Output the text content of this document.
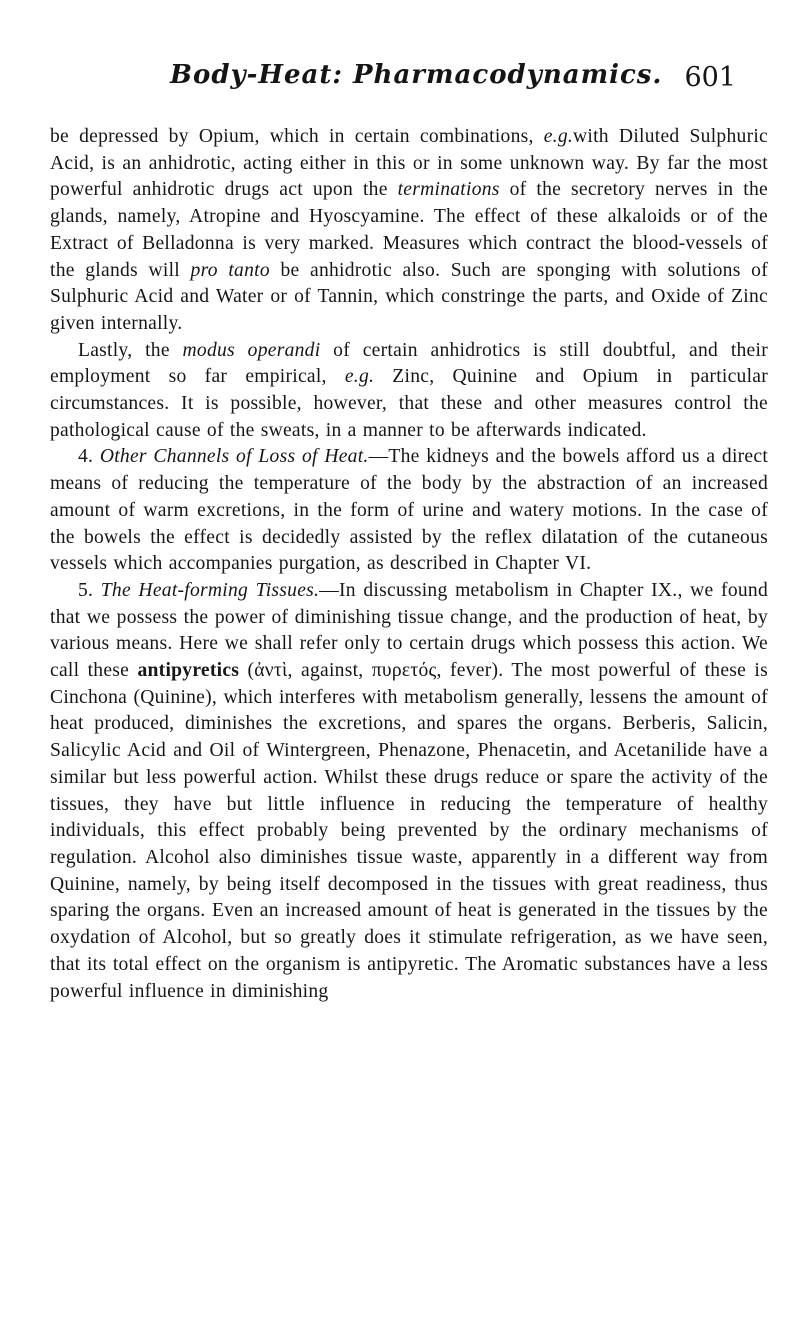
Body-Heat: Pharmacodynamics. 601

be depressed by Opium, which in certain combinations, e.g.with Diluted Sulphuric Acid, is an anhidrotic, acting either in this or in some unknown way. By far the most powerful anhidrotic drugs act upon the terminations of the secretory nerves in the glands, namely, Atropine and Hyoscyamine. The effect of these alkaloids or of the Extract of Belladonna is very marked. Measures which contract the blood-vessels of the glands will pro tanto be anhidrotic also. Such are sponging with solutions of Sulphuric Acid and Water or of Tannin, which constringe the parts, and Oxide of Zinc given internally.

Lastly, the modus operandi of certain anhidrotics is still doubtful, and their employment so far empirical, e.g. Zinc, Quinine and Opium in particular circumstances. It is possible, however, that these and other measures control the pathological cause of the sweats, in a manner to be afterwards indicated.

4. Other Channels of Loss of Heat.—The kidneys and the bowels afford us a direct means of reducing the temperature of the body by the abstraction of an increased amount of warm excretions, in the form of urine and watery motions. In the case of the bowels the effect is decidedly assisted by the reflex dilatation of the cutaneous vessels which accompanies purgation, as described in Chapter VI.

5. The Heat-forming Tissues.—In discussing metabolism in Chapter IX., we found that we possess the power of diminishing tissue change, and the production of heat, by various means. Here we shall refer only to certain drugs which possess this action. We call these antipyretics (ἀντὶ, against, πυρετός, fever). The most powerful of these is Cinchona (Quinine), which interferes with metabolism generally, lessens the amount of heat produced, diminishes the excretions, and spares the organs. Berberis, Salicin, Salicylic Acid and Oil of Wintergreen, Phenazone, Phenacetin, and Acetanilide have a similar but less powerful action. Whilst these drugs reduce or spare the activity of the tissues, they have but little influence in reducing the temperature of healthy individuals, this effect probably being prevented by the ordinary mechanisms of regulation. Alcohol also diminishes tissue waste, apparently in a different way from Quinine, namely, by being itself decomposed in the tissues with great readiness, thus sparing the organs. Even an increased amount of heat is generated in the tissues by the oxydation of Alcohol, but so greatly does it stimulate refrigeration, as we have seen, that its total effect on the organism is antipyretic. The Aromatic substances have a less powerful influence in diminishing
